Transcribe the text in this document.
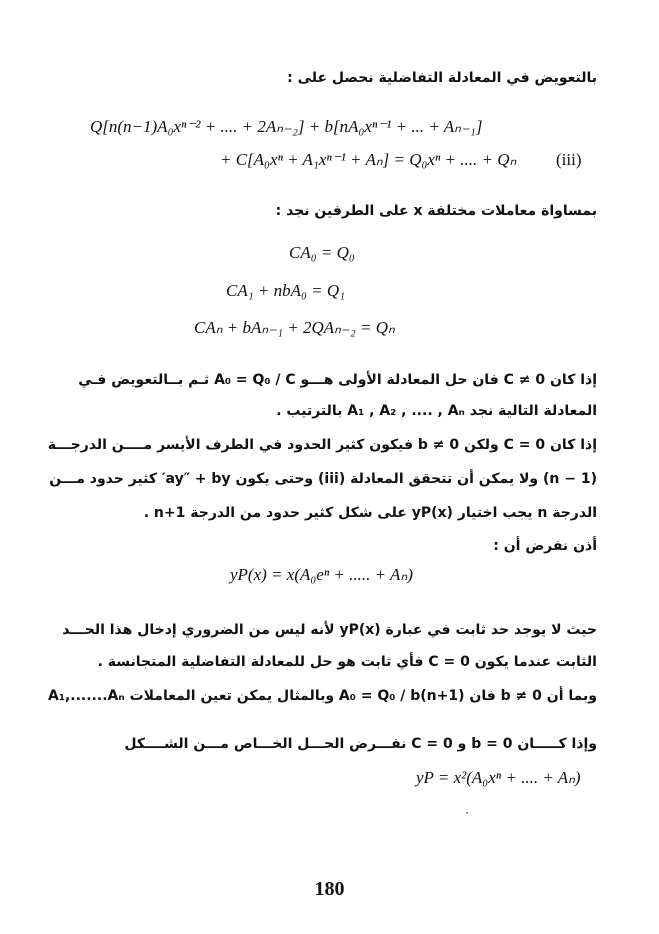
بالتعويض في المعادلة التفاضلية نحصل على :
Q[n(n−1)A₀xⁿ⁻² + .... + 2Aₙ₋₂] + b[nA₀xⁿ⁻¹ + ... + Aₙ₋₁]
+ C[A₀xⁿ + A₁xⁿ⁻¹ + Aₙ] = Q₀xⁿ + .... + Qₙ (iii)
بمساواة معاملات مختلفة x على الطرفين نجد :
CA₀ = Q₀
CA₁ + nbA₀ = Q₁
CAₙ + bAₙ₋₁ + 2QAₙ₋₂ = Qₙ
إذا كان C ≠ 0 فان حل المعادلة الأولى هـــو A₀ = Q₀ / C ثـم بــالتعويض فـي
المعادلة التالية نجد A₁ , A₂ , .... , Aₙ بالترتيب .
إذا كان C = 0 ولكن b ≠ 0 فيكون كثير الحدود في الطرف الأيسر مــــن الدرجـــة
(n − 1) ولا يمكن أن تتحقق المعادلة (iii) وحتى يكون ay″ + by′ كثير حدود مـــن
الدرجة n يجب اختيار yP(x) على شكل كثير حدود من الدرجة n+1 .
أذن نفرض أن :
yP(x) = x(A₀eⁿ + ..... + Aₙ)
حيث لا يوجد حد ثابت في عبارة yP(x) لأنه ليس من الضروري إدخال هذا الحـــد
الثابت عندما يكون C = 0 فأي ثابت هو حل للمعادلة التفاضلية المتجانسة .
وبما أن b ≠ 0 فان A₀ = Q₀ / b(n+1) وبالمثال يمكن تعين المعاملات A₁,.......Aₙ
وإذا كـــــان b = 0 و C = 0 نفـــرض الحـــل الخـــاص مـــن الشــــكل
yP = x²(A₀xⁿ + .... + Aₙ)
180
